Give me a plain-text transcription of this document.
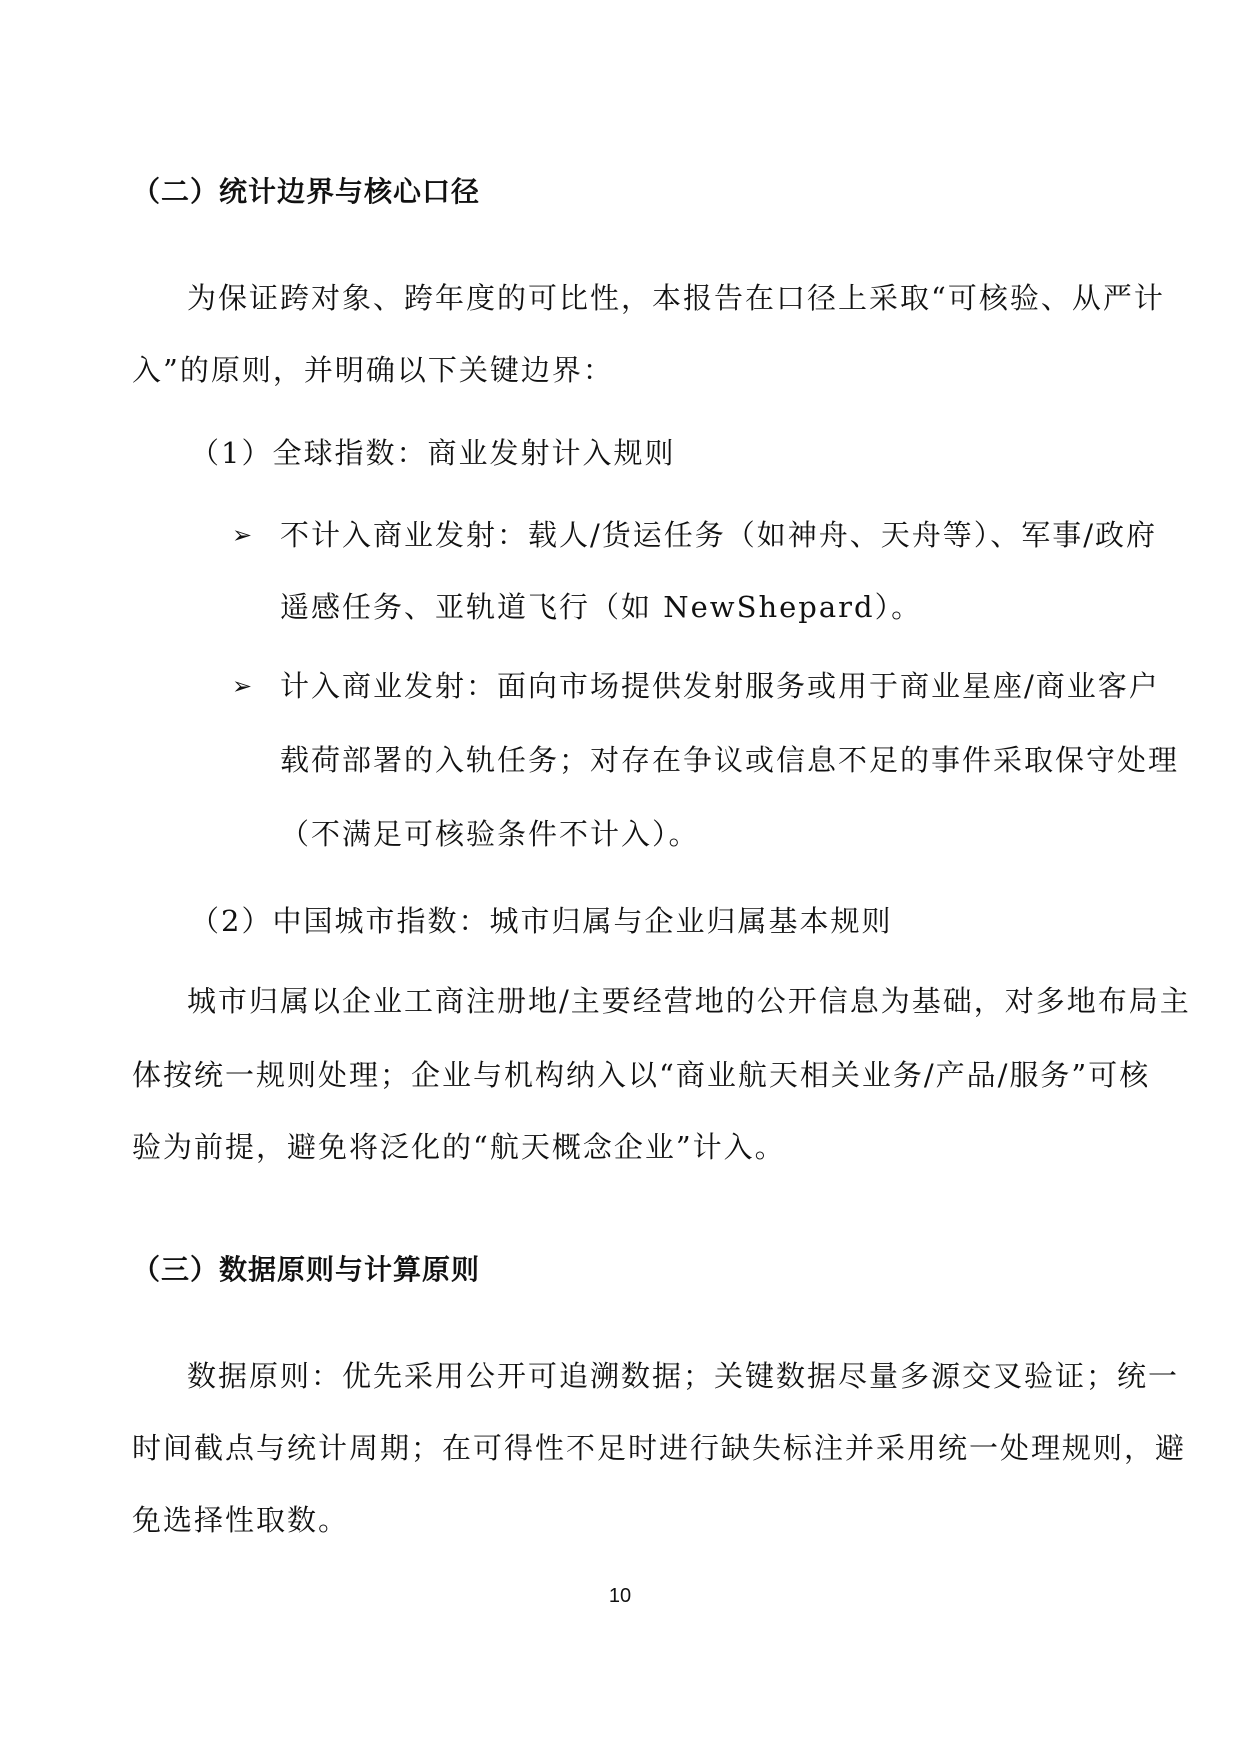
（二）统计边界与核心口径
为保证跨对象、跨年度的可比性，本报告在口径上采取“可核验、从严计
入”的原则，并明确以下关键边界：
（1）全球指数：商业发射计入规则
➢ 不计入商业发射：载人/货运任务（如神舟、天舟等）、军事/政府
遥感任务、亚轨道飞行（如 NewShepard）。
➢ 计入商业发射：面向市场提供发射服务或用于商业星座/商业客户
载荷部署的入轨任务；对存在争议或信息不足的事件采取保守处理
（不满足可核验条件不计入）。
（2）中国城市指数：城市归属与企业归属基本规则
城市归属以企业工商注册地/主要经营地的公开信息为基础，对多地布局主
体按统一规则处理；企业与机构纳入以“商业航天相关业务/产品/服务”可核
验为前提，避免将泛化的“航天概念企业”计入。
（三）数据原则与计算原则
数据原则：优先采用公开可追溯数据；关键数据尽量多源交叉验证；统一
时间截点与统计周期；在可得性不足时进行缺失标注并采用统一处理规则，避
免选择性取数。
10
